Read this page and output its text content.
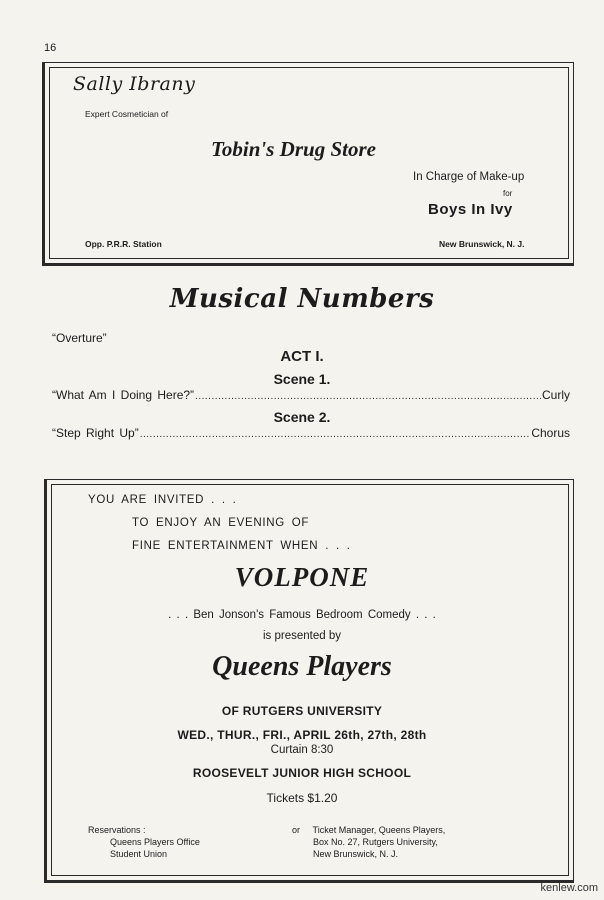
16
Sally Ibrany
Expert Cosmetician of
Tobin's Drug Store
In Charge of Make-up
for
Boys In Ivy
Opp. P.R.R. Station	New Brunswick, N. J.
Musical Numbers
“Overture”
ACT I.
Scene 1.
“What Am I Doing Here?” .....	Curly
Scene 2.
“Step Right Up” .....	Chorus
YOU ARE INVITED . . .
TO ENJOY AN EVENING OF
FINE ENTERTAINMENT WHEN . . .
VOLPONE
. . . Ben Jonson's Famous Bedroom Comedy . . .
is presented by
Queens Players
OF RUTGERS UNIVERSITY
WED., THUR., FRI., APRIL 26th, 27th, 28th
Curtain 8:30
ROOSEVELT JUNIOR HIGH SCHOOL
Tickets $1.20
Reservations :
Queens Players Office
Student Union
or Ticket Manager, Queens Players,
Box No. 27, Rutgers University,
New Brunswick, N. J.
kenlew.com
